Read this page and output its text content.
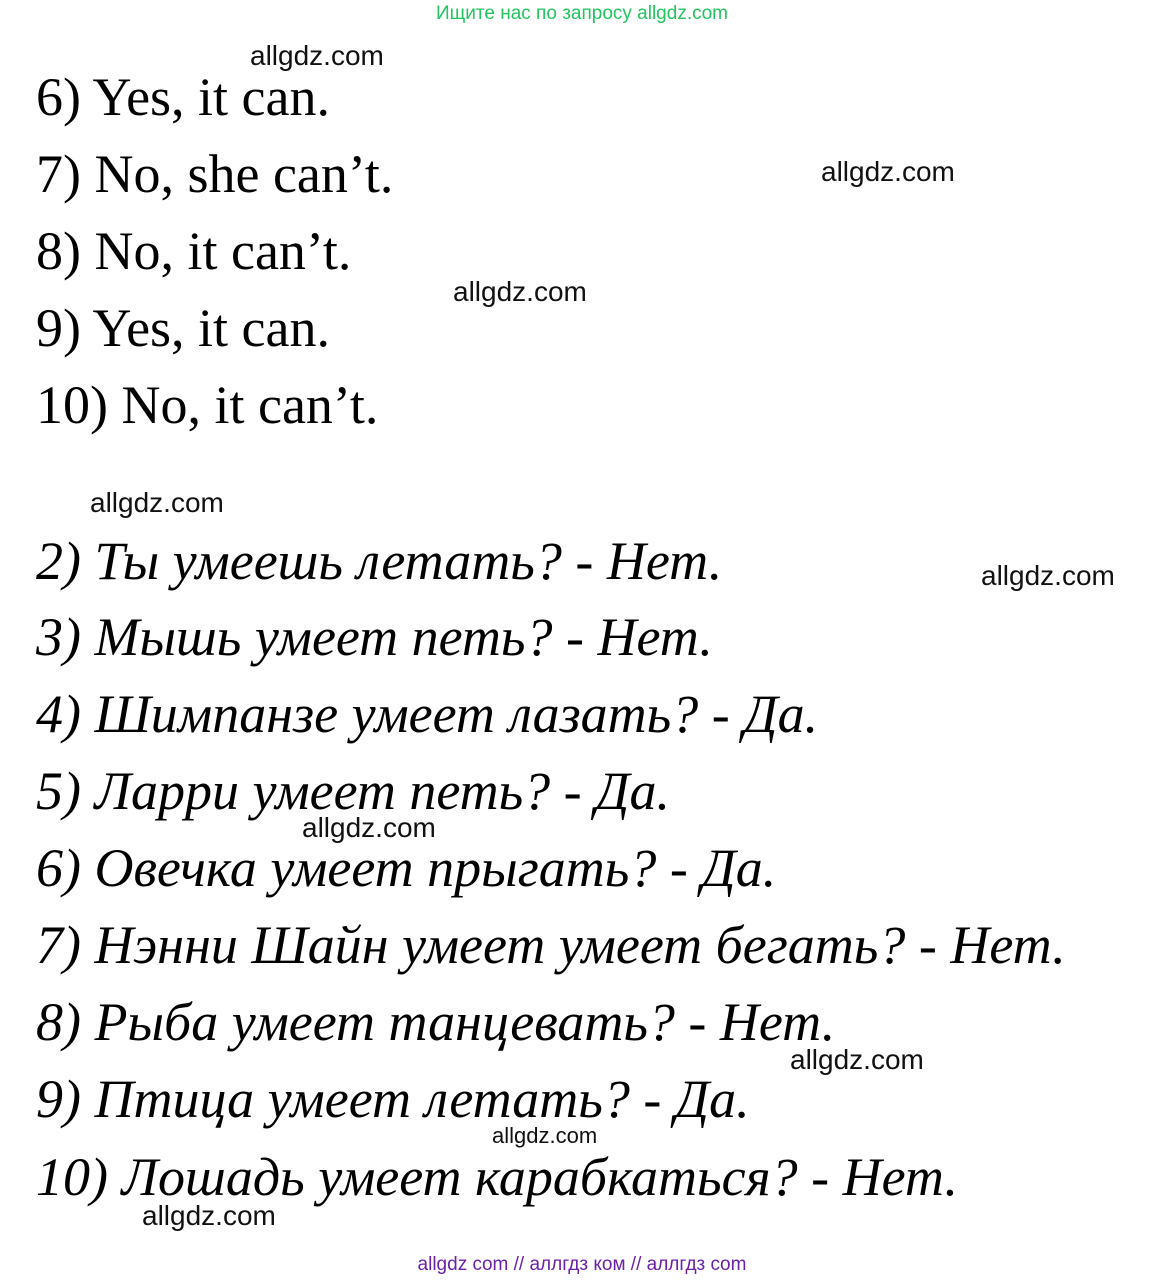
Ищите нас по запросу allgdz.com
6) Yes, it can.
7) No, she can’t.
8) No, it can’t.
9) Yes, it can.
10) No, it can’t.
2) Ты умеешь летать? - Нет.
3) Мышь умеет петь? - Нет.
4) Шимпанзе умеет лазать? - Да.
5) Ларри умеет петь? - Да.
6) Овечка умеет прыгать? - Да.
7) Нэнни Шайн умеет умеет бегать? - Нет.
8) Рыба умеет танцевать? - Нет.
9) Птица умеет летать? - Да.
10) Лошадь умеет карабкаться? - Нет.
allgdz.com
allgdz.com
allgdz.com
allgdz.com
allgdz.com
allgdz.com
allgdz.com
allgdz.com
allgdz.com
allgdz com // аллгдз ком // аллгдз com
